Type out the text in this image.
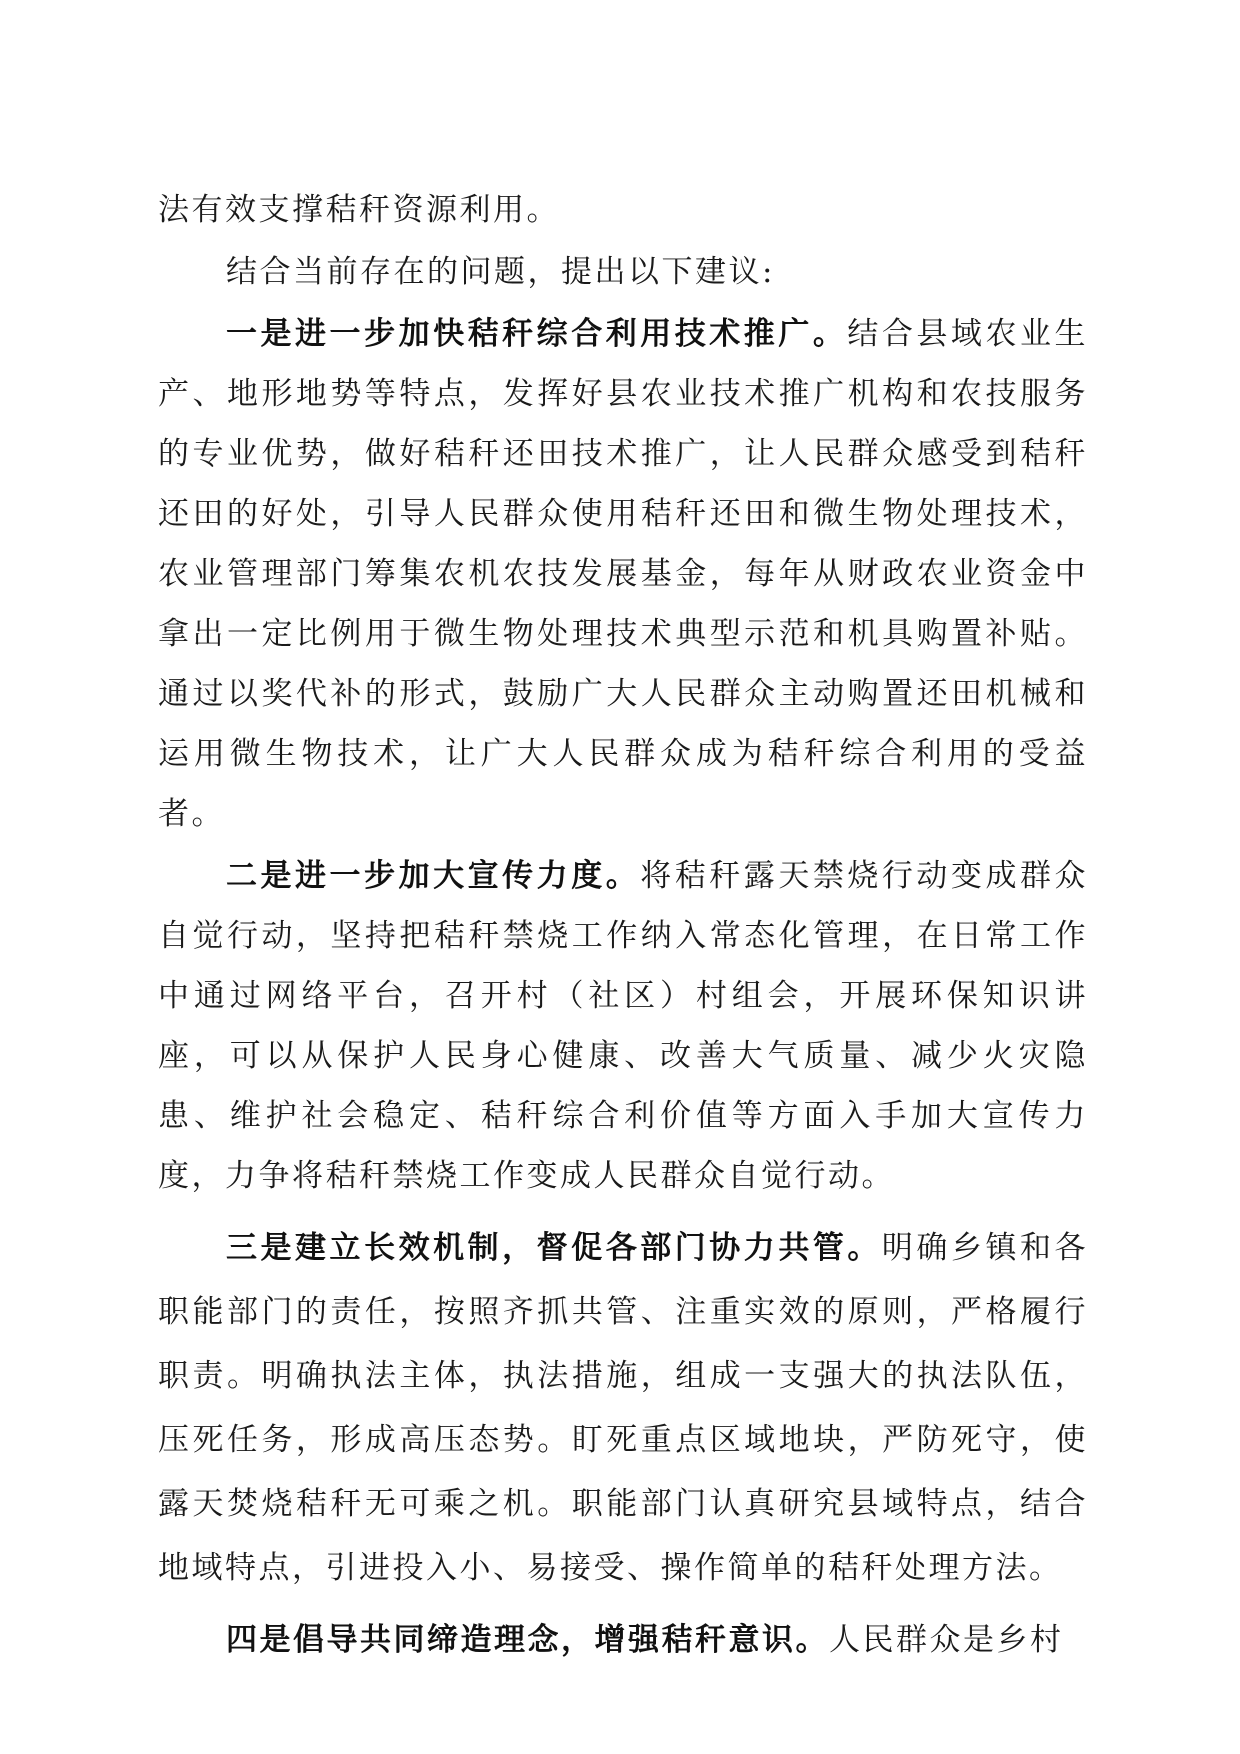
法有效支撑秸秆资源利用。

结合当前存在的问题，提出以下建议:

一是进一步加快秸秆综合利用技术推广。结合县域农业生产、地形地势等特点，发挥好县农业技术推广机构和农技服务的专业优势，做好秸秆还田技术推广，让人民群众感受到秸秆还田的好处，引导人民群众使用秸秆还田和微生物处理技术，农业管理部门筹集农机农技发展基金，每年从财政农业资金中拿出一定比例用于微生物处理技术典型示范和机具购置补贴。通过以奖代补的形式，鼓励广大人民群众主动购置还田机械和运用微生物技术，让广大人民群众成为秸秆综合利用的受益者。

二是进一步加大宣传力度。将秸秆露天禁烧行动变成群众自觉行动，坚持把秸秆禁烧工作纳入常态化管理，在日常工作中通过网络平台，召开村（社区）村组会，开展环保知识讲座，可以从保护人民身心健康、改善大气质量、减少火灾隐患、维护社会稳定、秸秆综合利价值等方面入手加大宣传力度，力争将秸秆禁烧工作变成人民群众自觉行动。

三是建立长效机制，督促各部门协力共管。明确乡镇和各职能部门的责任，按照齐抓共管、注重实效的原则，严格履行职责。明确执法主体，执法措施，组成一支强大的执法队伍，压死任务，形成高压态势。盯死重点区域地块，严防死守，使露天焚烧秸秆无可乘之机。职能部门认真研究县域特点，结合地域特点，引进投入小、易接受、操作简单的秸秆处理方法。

四是倡导共同缔造理念，增强秸秆意识。人民群众是乡村
